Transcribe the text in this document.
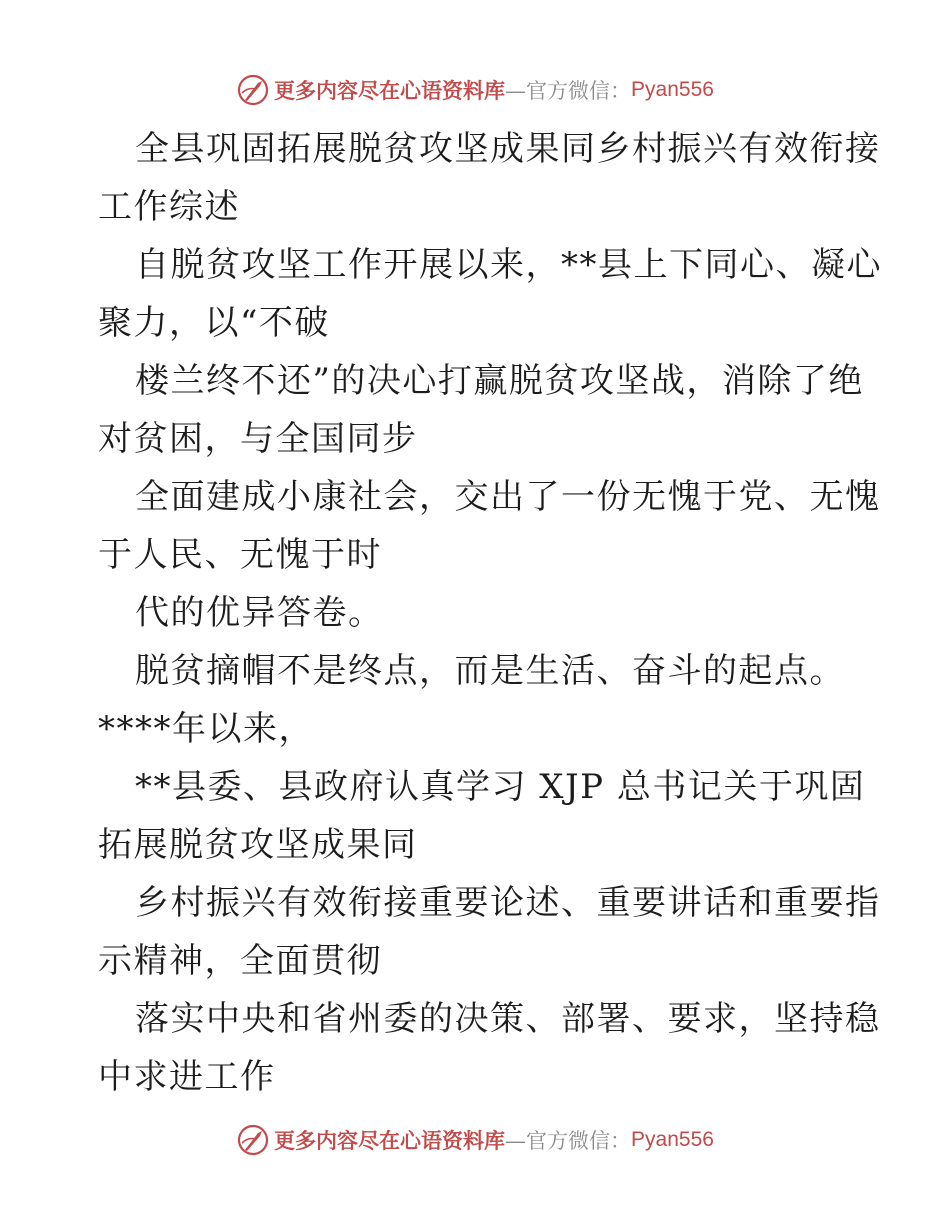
更多内容尽在心语资料库 —官方微信： Pyan556
全县巩固拓展脱贫攻坚成果同乡村振兴有效衔接
工作综述
自脱贫攻坚工作开展以来，**县上下同心、凝心
聚力，以“不破
楼兰终不还”的决心打赢脱贫攻坚战，消除了绝
对贫困，与全国同步
全面建成小康社会，交出了一份无愧于党、无愧
于人民、无愧于时
代的优异答卷。
脱贫摘帽不是终点，而是生活、奋斗的起点。
****年以来，
**县委、县政府认真学习 XJP 总书记关于巩固
拓展脱贫攻坚成果同
乡村振兴有效衔接重要论述、重要讲话和重要指
示精神，全面贯彻
落实中央和省州委的决策、部署、要求，坚持稳
中求进工作
更多内容尽在心语资料库 —官方微信： Pyan556
